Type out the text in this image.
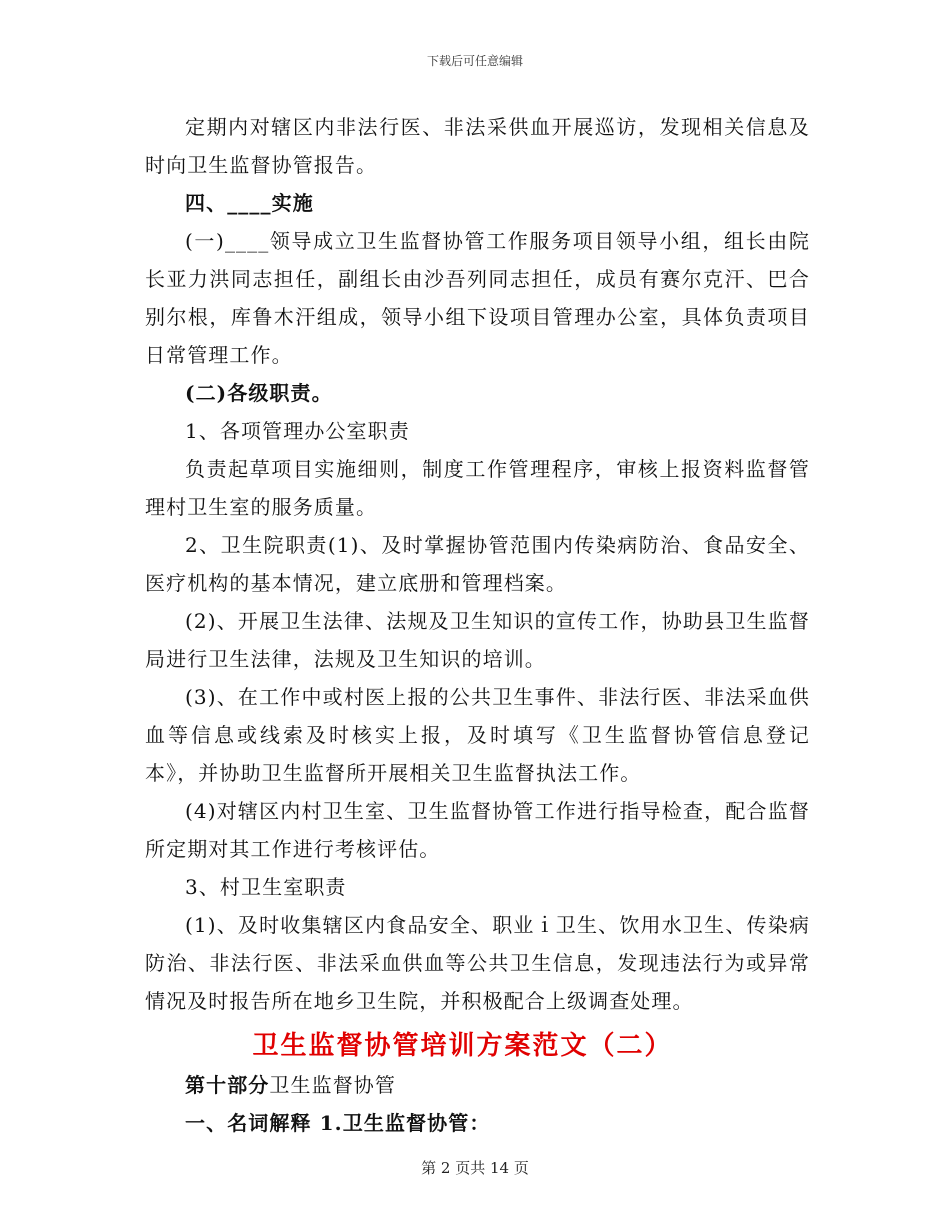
下载后可任意编辑

定期内对辖区内非法行医、非法采供血开展巡访，发现相关信息及时向卫生监督协管报告。

四、____实施

(一)____领导成立卫生监督协管工作服务项目领导小组，组长由院长亚力洪同志担任，副组长由沙吾列同志担任，成员有赛尔克汗、巴合别尔根，库鲁木汗组成，领导小组下设项目管理办公室，具体负责项目日常管理工作。

(二)各级职责。

1、各项管理办公室职责

负责起草项目实施细则，制度工作管理程序，审核上报资料监督管理村卫生室的服务质量。

2、卫生院职责(1)、及时掌握协管范围内传染病防治、食品安全、医疗机构的基本情况，建立底册和管理档案。

(2)、开展卫生法律、法规及卫生知识的宣传工作，协助县卫生监督局进行卫生法律，法规及卫生知识的培训。

(3)、在工作中或村医上报的公共卫生事件、非法行医、非法采血供血等信息或线索及时核实上报，及时填写《卫生监督协管信息登记本》，并协助卫生监督所开展相关卫生监督执法工作。

(4)对辖区内村卫生室、卫生监督协管工作进行指导检查，配合监督所定期对其工作进行考核评估。

3、村卫生室职责

(1)、及时收集辖区内食品安全、职业ｉ卫生、饮用水卫生、传染病防治、非法行医、非法采血供血等公共卫生信息，发现违法行为或异常情况及时报告所在地乡卫生院，并积极配合上级调查处理。

卫生监督协管培训方案范文（二）

第十部分卫生监督协管

一、名词解释 1.卫生监督协管：

第 2 页共 14 页
